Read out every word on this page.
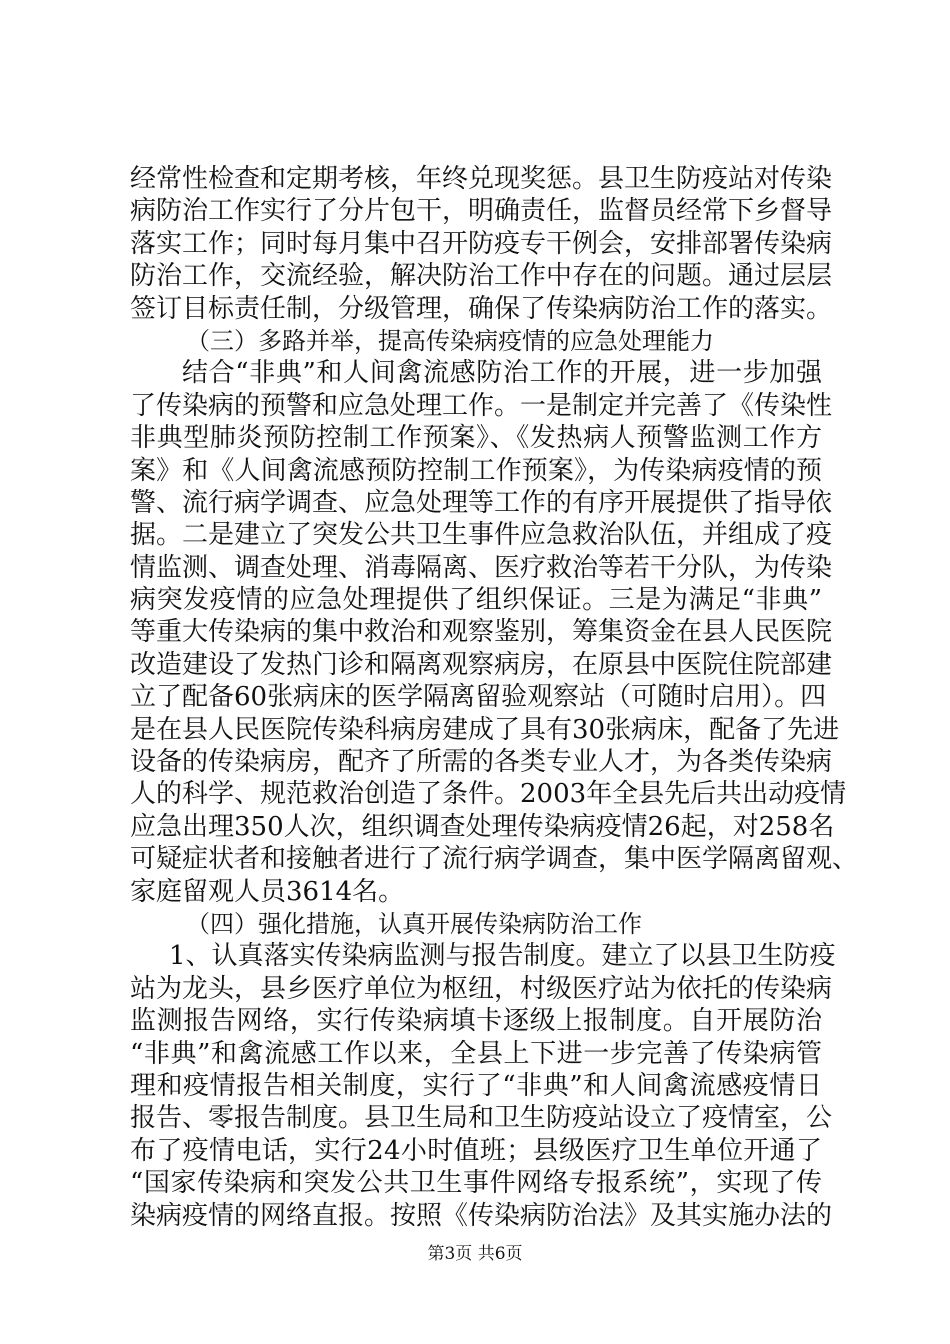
经常性检查和定期考核，年终兑现奖惩。县卫生防疫站对传染
病防治工作实行了分片包干，明确责任，监督员经常下乡督导
落实工作；同时每月集中召开防疫专干例会，安排部署传染病
防治工作，交流经验，解决防治工作中存在的问题。通过层层
签订目标责任制，分级管理，确保了传染病防治工作的落实。
（三）多路并举，提高传染病疫情的应急处理能力
结合“非典”和人间禽流感防治工作的开展，进一步加强
了传染病的预警和应急处理工作。一是制定并完善了《传染性
非典型肺炎预防控制工作预案》、《发热病人预警监测工作方
案》和《人间禽流感预防控制工作预案》，为传染病疫情的预
警、流行病学调查、应急处理等工作的有序开展提供了指导依
据。二是建立了突发公共卫生事件应急救治队伍，并组成了疫
情监测、调查处理、消毒隔离、医疗救治等若干分队，为传染
病突发疫情的应急处理提供了组织保证。三是为满足“非典”
等重大传染病的集中救治和观察鉴别，筹集资金在县人民医院
改造建设了发热门诊和隔离观察病房，在原县中医院住院部建
立了配备60张病床的医学隔离留验观察站（可随时启用）。四
是在县人民医院传染科病房建成了具有30张病床，配备了先进
设备的传染病房，配齐了所需的各类专业人才，为各类传染病
人的科学、规范救治创造了条件。2003年全县先后共出动疫情
应急出理350人次，组织调查处理传染病疫情26起，对258名
可疑症状者和接触者进行了流行病学调查，集中医学隔离留观、
家庭留观人员3614名。
（四）强化措施，认真开展传染病防治工作
1、认真落实传染病监测与报告制度。建立了以县卫生防疫
站为龙头，县乡医疗单位为枢纽，村级医疗站为依托的传染病
监测报告网络，实行传染病填卡逐级上报制度。自开展防治
“非典”和禽流感工作以来，全县上下进一步完善了传染病管
理和疫情报告相关制度，实行了“非典”和人间禽流感疫情日
报告、零报告制度。县卫生局和卫生防疫站设立了疫情室，公
布了疫情电话，实行24小时值班；县级医疗卫生单位开通了
“国家传染病和突发公共卫生事件网络专报系统”，实现了传
染病疫情的网络直报。按照《传染病防治法》及其实施办法的
第3页 共6页
